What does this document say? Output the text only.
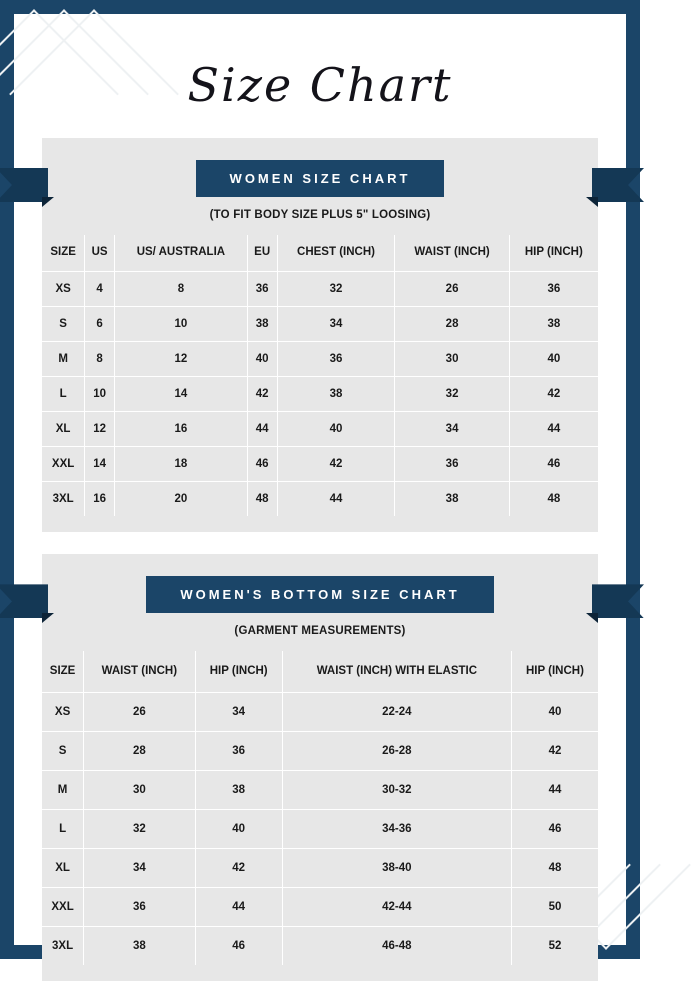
Size Chart
WOMEN SIZE CHART
(TO FIT BODY SIZE PLUS 5" LOOSING)
SIZE	US	US/ AUSTRALIA	EU	CHEST (INCH)	WAIST (INCH)	HIP (INCH)
XS	4	8	36	32	26	36
S	6	10	38	34	28	38
M	8	12	40	36	30	40
L	10	14	42	38	32	42
XL	12	16	44	40	34	44
XXL	14	18	46	42	36	46
3XL	16	20	48	44	38	48
WOMEN'S BOTTOM SIZE CHART
(GARMENT MEASUREMENTS)
SIZE	WAIST (INCH)	HIP (INCH)	WAIST (INCH) WITH ELASTIC	HIP (INCH)
XS	26	34	22-24	40
S	28	36	26-28	42
M	30	38	30-32	44
L	32	40	34-36	46
XL	34	42	38-40	48
XXL	36	44	42-44	50
3XL	38	46	46-48	52
